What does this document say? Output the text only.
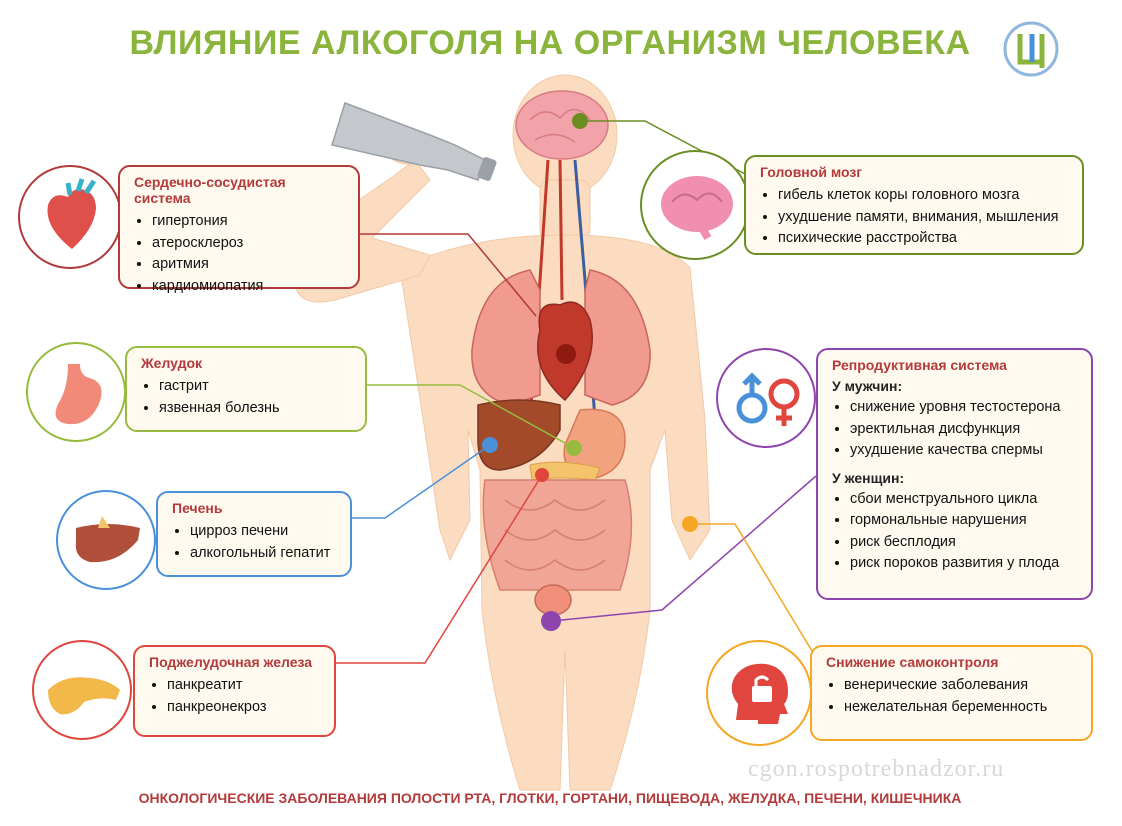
ВЛИЯНИЕ АЛКОГОЛЯ НА ОРГАНИЗМ ЧЕЛОВЕКА
Сердечно-сосудистая система
• гипертония
• атеросклероз
• аритмия
• кардиомиопатия
Желудок
• гастрит
• язвенная болезнь
Печень
• цирроз печени
• алкогольный гепатит
Поджелудочная железа
• панкреатит
• панкреонекроз
Головной мозг
• гибель клеток коры головного мозга
• ухудшение памяти, внимания, мышления
• психические расстройства
Репродуктивная система
У мужчин:
• снижение уровня тестостерона
• эректильная дисфункция
• ухудшение качества спермы
У женщин:
• сбои менструального цикла
• гормональные нарушения
• риск бесплодия
• риск пороков развития у плода
Снижение самоконтроля
• венерические заболевания
• нежелательная беременность
cgon.rospotrebnadzor.ru
ОНКОЛОГИЧЕСКИЕ ЗАБОЛЕВАНИЯ ПОЛОСТИ РТА, ГЛОТКИ, ГОРТАНИ, ПИЩЕВОДА, ЖЕЛУДКА, ПЕЧЕНИ, КИШЕЧНИКА
